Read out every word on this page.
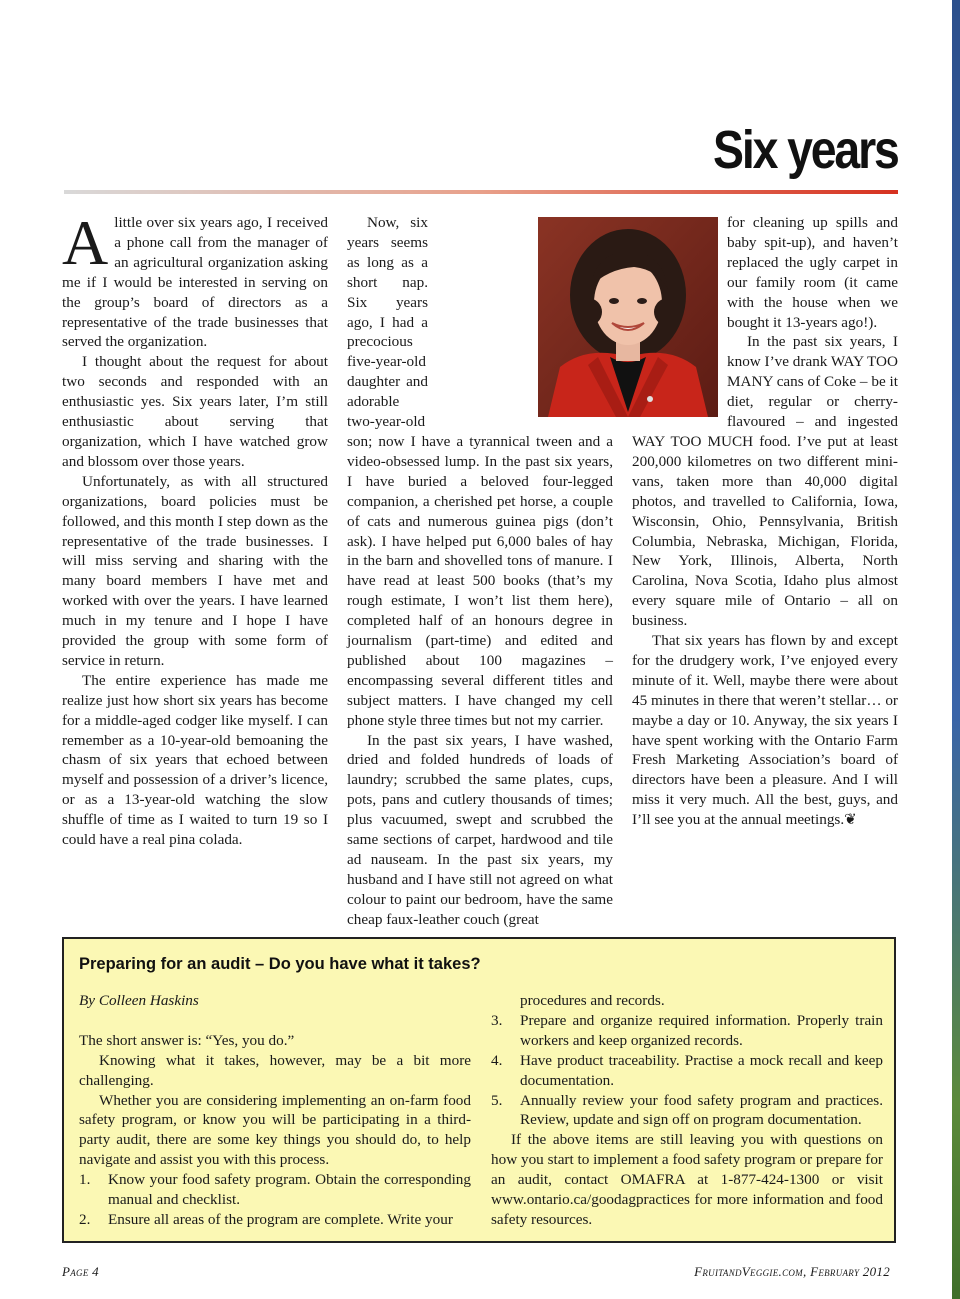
Six years

Alittle over six years ago, I received a phone call from the manager of an agricultural organization asking me if I would be interested in serving on the group’s board of directors as a representative of the trade businesses that served the organization.

I thought about the request for about two seconds and responded with an enthusiastic yes. Six years later, I’m still enthusiastic about serving that organization, which I have watched grow and blossom over those years.

Unfortunately, as with all structured organizations, board policies must be followed, and this month I step down as the representative of the trade businesses. I will miss serving and sharing with the many board members I have met and worked with over the years. I have learned much in my tenure and I hope I have provided the group with some form of service in return.

The entire experience has made me realize just how short six years has become for a middle-aged codger like myself. I can remember as a 10-year-old bemoaning the chasm of six years that echoed between myself and possession of a driver’s licence, or as a 13-year-old watching the slow shuffle of time as I waited to turn 19 so I could have a real pina colada.

Now, six years seems as long as a short nap. Six years ago, I had a precocious five-year-old daughter and adorable two-year-old son; now I have a tyrannical tween and a video-obsessed lump. In the past six years, I have buried a beloved four-legged companion, a cherished pet horse, a couple of cats and numerous guinea pigs (don’t ask). I have helped put 6,000 bales of hay in the barn and shovelled tons of manure. I have read at least 500 books (that’s my rough estimate, I won’t list them here), completed half of an honours degree in journalism (part-time) and edited and published about 100 magazines – encompassing several different titles and subject matters. I have changed my cell phone style three times but not my carrier.

In the past six years, I have washed, dried and folded hundreds of loads of laundry; scrubbed the same plates, cups, pots, pans and cutlery thousands of times; plus vacuumed, swept and scrubbed the same sections of carpet, hardwood and tile ad nauseam. In the past six years, my husband and I have still not agreed on what colour to paint our bedroom, have the same cheap faux-leather couch (great

for cleaning up spills and baby spit-up), and haven’t replaced the ugly carpet in our family room (it came with the house when we bought it 13-years ago!).

In the past six years, I know I’ve drank WAY TOO MANY cans of Coke – be it diet, regular or cherry-flavoured – and ingested WAY TOO MUCH food. I’ve put at least 200,000 kilometres on two different mini-vans, taken more than 40,000 digital photos, and travelled to California, Iowa, Wisconsin, Ohio, Pennsylvania, British Columbia, Nebraska, Michigan, Florida, New York, Illinois, Alberta, North Carolina, Nova Scotia, Idaho plus almost every square mile of Ontario – all on business.

That six years has flown by and except for the drudgery work, I’ve enjoyed every minute of it. Well, maybe there were about 45 minutes in there that weren’t stellar… or maybe a day or 10. Anyway, the six years I have spent working with the Ontario Farm Fresh Marketing Association’s board of directors have been a pleasure. And I will miss it very much. All the best, guys, and I’ll see you at the annual meetings.❦

Preparing for an audit – Do you have what it takes?

By Colleen Haskins

The short answer is: “Yes, you do.”

Knowing what it takes, however, may be a bit more challenging.

Whether you are considering implementing an on-farm food safety program, or know you will be participating in a third- party audit, there are some key things you should do, to help navigate and assist you with this process.

1. Know your food safety program. Obtain the corresponding manual and checklist.
2. Ensure all areas of the program are complete. Write your
procedures and records.
3. Prepare and organize required information. Properly train workers and keep organized records.
4. Have product traceability. Practise a mock recall and keep documentation.
5. Annually review your food safety program and practices. Review, update and sign off on program documentation.

If the above items are still leaving you with questions on how you start to implement a food safety program or prepare for an audit, contact OMAFRA at 1-877-424-1300 or visit www.ontario.ca/goodagpractices for more information and food safety resources.

Page 4	FruitandVeggie.com, February 2012
